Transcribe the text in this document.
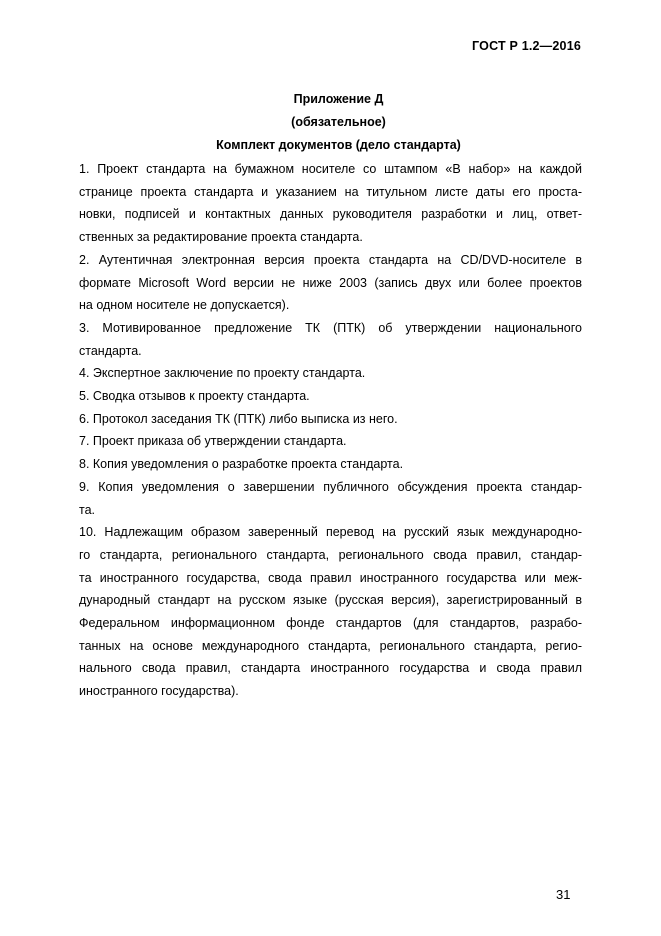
ГОСТ Р 1.2—2016
Приложение Д
(обязательное)
Комплект документов (дело стандарта)
1. Проект стандарта на бумажном носителе со штампом «В набор» на каждой
странице проекта стандарта и указанием на титульном листе даты его проста-
новки, подписей и контактных данных руководителя разработки и лиц, ответ-
ственных за редактирование проекта стандарта.
2. Аутентичная электронная версия проекта стандарта на CD/DVD-носителе в
формате Microsoft Word версии не ниже 2003 (запись двух или более проектов
на одном носителе не допускается).
3. Мотивированное предложение ТК (ПТК) об утверждении национального
стандарта.
4. Экспертное заключение по проекту стандарта.
5. Сводка отзывов к проекту стандарта.
6. Протокол заседания ТК (ПТК) либо выписка из него.
7. Проект приказа об утверждении стандарта.
8. Копия уведомления о разработке проекта стандарта.
9. Копия уведомления о завершении публичного обсуждения проекта стандар-
та.
10. Надлежащим образом заверенный перевод на русский язык международно-
го стандарта, регионального стандарта, регионального свода правил, стандар-
та иностранного государства, свода правил иностранного государства или меж-
дународный стандарт на русском языке (русская версия), зарегистрированный в
Федеральном информационном фонде стандартов (для стандартов, разрабо-
танных на основе международного стандарта, регионального стандарта, регио-
нального свода правил, стандарта иностранного государства и свода правил
иностранного государства).
31
